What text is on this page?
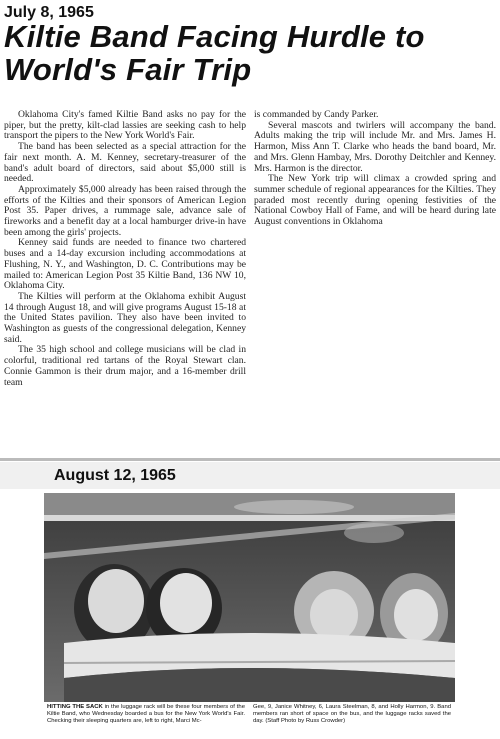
July 8, 1965
Kiltie Band Facing Hurdle to
World's Fair Trip

Oklahoma City's famed Kiltie Band asks no pay for the piper, but the pretty, kilt-clad lassies are seeking cash to help transport the pipers to the New York World's Fair.

The band has been selected as a special attraction for the fair next month. A. M. Kenney, secretary-treasurer of the band's adult board of directors, said about $5,000 still is needed.

Approximately $5,000 already has been raised through the efforts of the Kilties and their sponsors of American Legion Post 35. Paper drives, a rummage sale, advance sale of fireworks and a benefit day at a local hamburger drive-in have been among the girls' projects.

Kenney said funds are needed to finance two chartered buses and a 14-day excursion including accommodations at Flushing, N. Y., and Washington, D. C. Contributions may be mailed to: American Legion Post 35 Kiltie Band, 136 NW 10, Oklahoma City.

The Kilties will perform at the Oklahoma exhibit August 14 through August 18, and will give programs August 15-18 at the United States pavilion. They also have been invited to Washington as guests of the congressional delegation, Kenney said.

The 35 high school and college musicians will be clad in colorful, traditional red tartans of the Royal Stewart clan. Connie Gammon is their drum major, and a 16-member drill team

is commanded by Candy Parker.

Several mascots and twirlers will accompany the band. Adults making the trip will include Mr. and Mrs. James H. Harmon, Miss Ann T. Clarke who heads the band board, Mr. and Mrs. Glenn Hambay, Mrs. Dorothy Deitchler and Kenney. Mrs. Harmon is the director.

The New York trip will climax a crowded spring and summer schedule of regional appearances for the Kilties. They paraded most recently during opening festivities of the National Cowboy Hall of Fame, and will be heard during late August conventions in Oklahoma

August 12, 1965
HITTING THE SACK in the luggage rack will be these four members of the Kiltie Band, who Wednesday boarded a bus for the New York World's Fair. Checking their sleeping quarters are, left to right, Marci Mc-
Gee, 9, Janice Whitney, 6, Laura Steelman, 8, and Holly Harmon, 9. Band members ran short of space on the bus, and the luggage racks saved the day. (Staff Photo by Russ Crowder)
